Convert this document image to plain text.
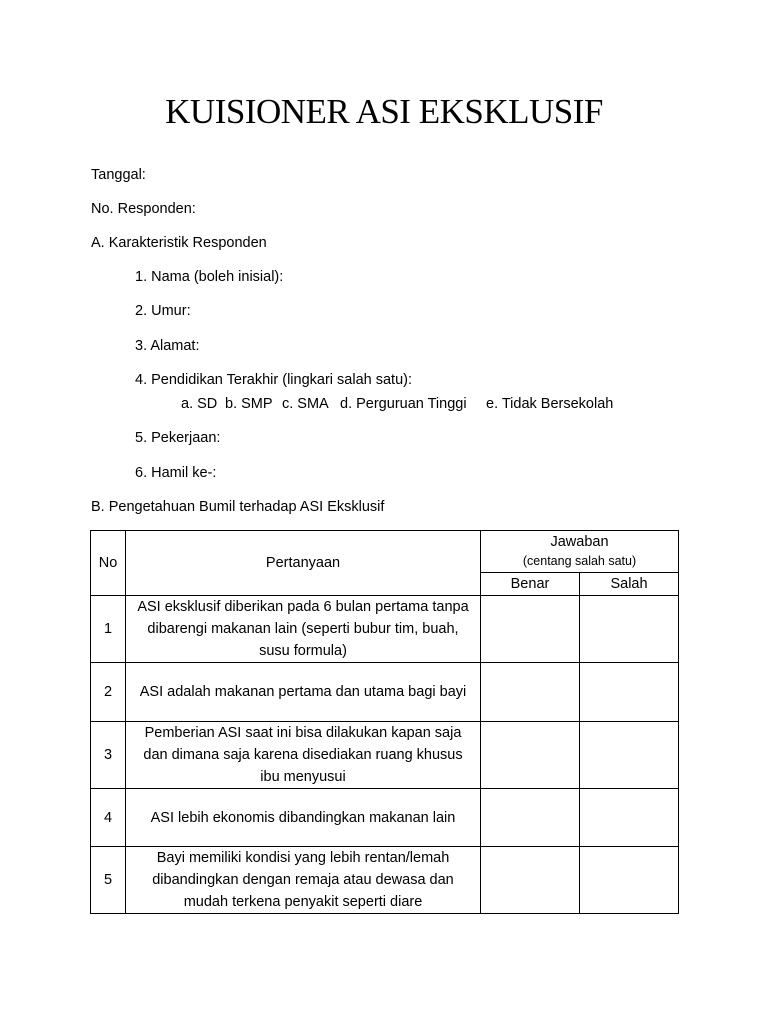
KUISIONER ASI EKSKLUSIF
Tanggal:
No. Responden:
A. Karakteristik Responden
1. Nama (boleh inisial):
2. Umur:
3. Alamat:
4. Pendidikan Terakhir (lingkari salah satu):
a. SD b. SMP c. SMA d. Perguruan Tinggi e. Tidak Bersekolah
5. Pekerjaan:
6. Hamil ke-:
B. Pengetahuan Bumil terhadap ASI Eksklusif
No	Pertanyaan	Jawaban
(centang salah satu)	

		Benar	Salah
1	ASI eksklusif diberikan pada 6 bulan pertama tanpa dibarengi makanan lain (seperti bubur tim, buah, susu formula)		
2	ASI adalah makanan pertama dan utama bagi bayi		
3	Pemberian ASI saat ini bisa dilakukan kapan saja dan dimana saja karena disediakan ruang khusus ibu menyusui		
4	ASI lebih ekonomis dibandingkan makanan lain		
5	Bayi memiliki kondisi yang lebih rentan/lemah dibandingkan dengan remaja atau dewasa dan mudah terkena penyakit seperti diare		
